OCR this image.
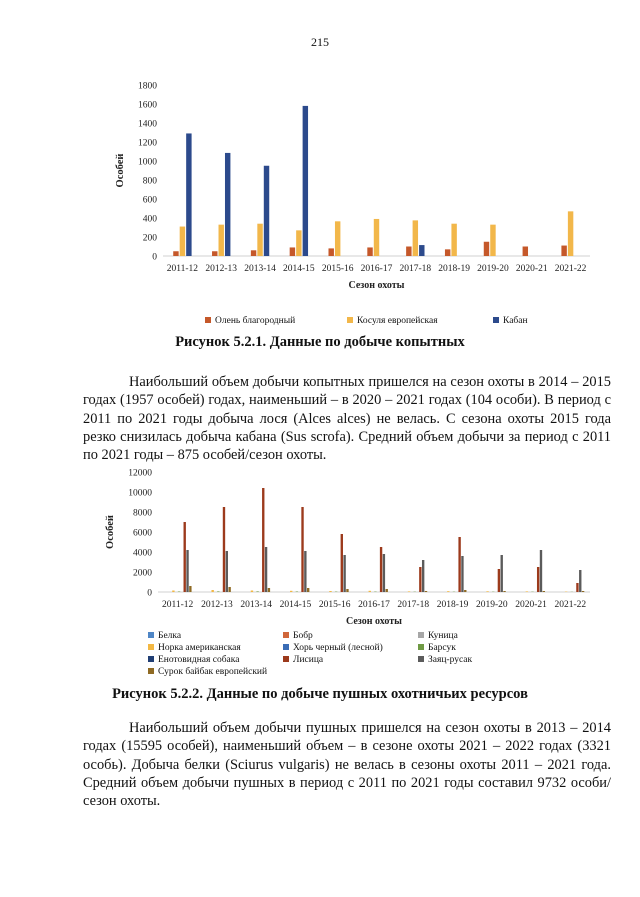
215
0
200
400
600
800
1000
1200
1400
1600
1800
Особей
2011-12 2012-13 2013-14 2014-15 2015-16 2016-17 2017-18 2018-19 2019-20 2020-21 2021-22
Сезон охоты
Олень благородный	Косуля европейская	Кабан
Рисунок 5.2.1. Данные по добыче копытных

Наибольший объем добычи копытных пришелся на сезон охоты в 2014 – 2015 годах (1957 особей) годах, наименьший – в 2020 – 2021 годах (104 особи). В период с 2011 по 2021 годы добыча лося (Alces alces) не велась. С сезона охоты 2015 года резко снизилась добыча кабана (Sus scrofa). Средний объем добычи за период с 2011 по 2021 годы – 875 особей/сезон охоты.

0
2000
4000
6000
8000
10000
12000
Особей
2011-12 2012-13 2013-14 2014-15 2015-16 2016-17 2017-18 2018-19 2019-20 2020-21 2021-22
Сезон охоты
Белка	Бобр	Куница
Норка американская	Хорь черный (лесной)	Барсук
Енотовидная собака	Лисица	Заяц-русак
Сурок байбак европейский
Рисунок 5.2.2. Данные по добыче пушных охотничьих ресурсов

Наибольший объем добычи пушных пришелся на сезон охоты в 2013 – 2014 годах (15595 особей), наименьший объем – в сезоне охоты 2021 – 2022 годах (3321 особь). Добыча белки (Sciurus vulgaris) не велась в сезоны охоты 2011 – 2021 года. Средний объем добычи пушных в период с 2011 по 2021 годы составил 9732 особи/сезон охоты.
